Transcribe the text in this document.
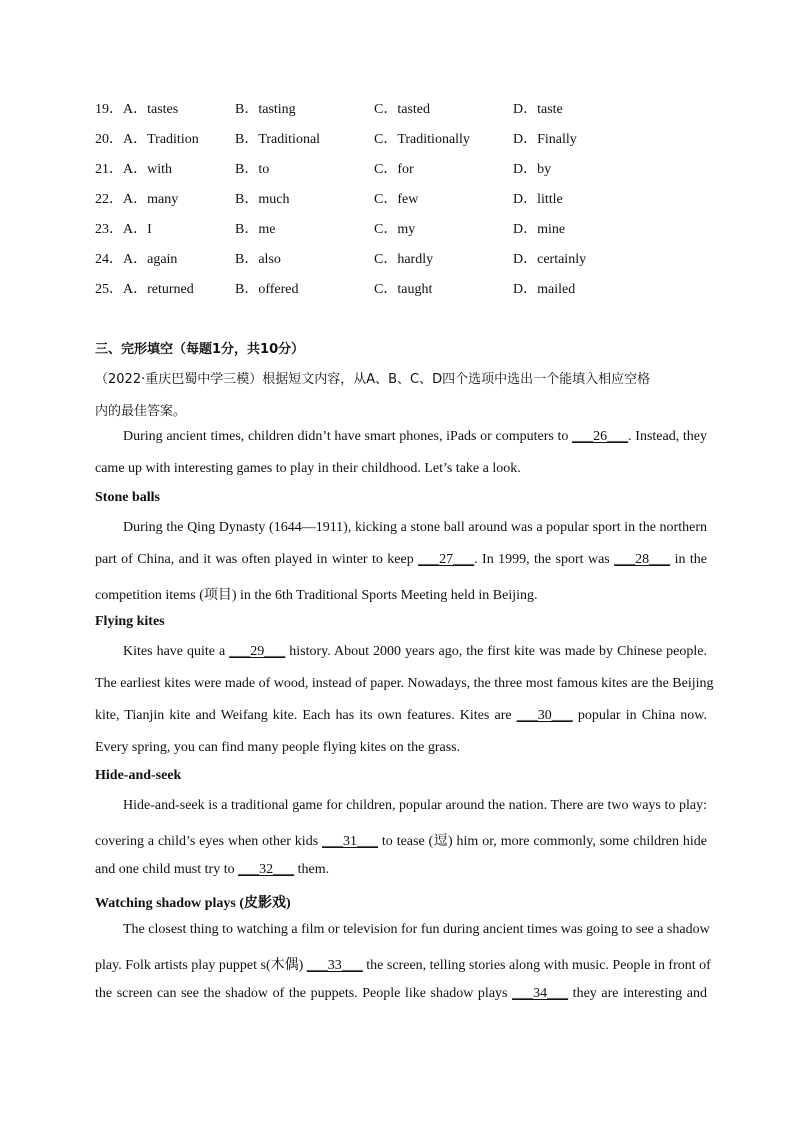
19． A．tastes	B．tasting	C．tasted	D．taste
20． A．Tradition	B．Traditional	C．Traditionally	D．Finally
21． A．with	B．to	C．for	D．by
22． A．many	B．much	C．few	D．little
23． A．I	B．me	C．my	D．mine
24． A．again	B．also	C．hardly	D．certainly
25． A．returned	B．offered	C．taught	D．mailed
三、完形填空（每题1分，共10分）
（2022·重庆巴蜀中学三模）根据短文内容，从A、B、C、D四个选项中选出一个能填入相应空格
内的最佳答案。
During ancient times, children didn’t have smart phones, iPads or computers to ___26___. Instead, they
came up with interesting games to play in their childhood. Let’s take a look.
Stone balls
During the Qing Dynasty (1644—1911), kicking a stone ball around was a popular sport in the northern
part of China, and it was often played in winter to keep ___27___. In 1999, the sport was ___28___ in the
competition items (项目) in the 6th Traditional Sports Meeting held in Beijing.
Flying kites
Kites have quite a ___29___ history. About 2000 years ago, the first kite was made by Chinese people.
The earliest kites were made of wood, instead of paper. Nowadays, the three most famous kites are the Beijing
kite, Tianjin kite and Weifang kite. Each has its own features. Kites are ___30___ popular in China now.
Every spring, you can find many people flying kites on the grass.
Hide-and-seek
Hide-and-seek is a traditional game for children, popular around the nation. There are two ways to play:
covering a child’s eyes when other kids ___31___ to tease (逗) him or, more commonly, some children hide
and one child must try to ___32___ them.
Watching shadow plays (皮影戏)
The closest thing to watching a film or television for fun during ancient times was going to see a shadow
play. Folk artists play puppet s(木偶) ___33___ the screen, telling stories along with music. People in front of
the screen can see the shadow of the puppets. People like shadow plays ___34___ they are interesting and
